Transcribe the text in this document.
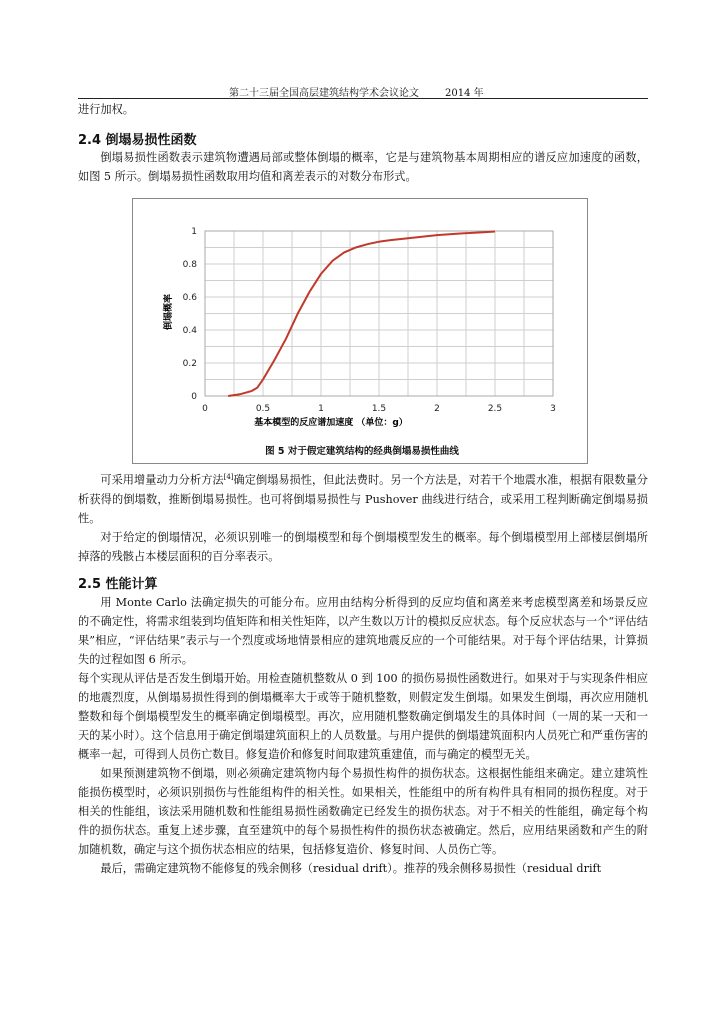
第二十三届全国高层建筑结构学术会议论文	2014 年
进行加权。
2.4 倒塌易损性函数

倒塌易损性函数表示建筑物遭遇局部或整体倒塌的概率，它是与建筑物基本周期相应的谱反应加速度的函数，如图 5 所示。倒塌易损性函数取用均值和离差表示的对数分布形式。

0	0.5	1	1.5	2	2.5	3
0
0.2
0.4
0.6
0.8
1
基本模型的反应谱加速度 （单位：g）
倒塌概率
图 5 对于假定建筑结构的经典倒塌易损性曲线

可采用增量动力分析方法[4]确定倒塌易损性，但此法费时。另一个方法是，对若干个地震水准，根据有限数量分析获得的倒塌数，推断倒塌易损性。也可将倒塌易损性与 Pushover 曲线进行结合，或采用工程判断确定倒塌易损性。

对于给定的倒塌情况，必须识别唯一的倒塌模型和每个倒塌模型发生的概率。每个倒塌模型用上部楼层倒塌所掉落的残骸占本楼层面积的百分率表示。

2.5 性能计算

用 Monte Carlo 法确定损失的可能分布。应用由结构分析得到的反应均值和离差来考虑模型离差和场景反应的不确定性，将需求组装到均值矩阵和相关性矩阵，以产生数以万计的模拟反应状态。每个反应状态与一个“评估结果”相应，“评估结果”表示与一个烈度或场地情景相应的建筑地震反应的一个可能结果。对于每个评估结果，计算损失的过程如图 6 所示。

每个实现从评估是否发生倒塌开始。用检查随机整数从 0 到 100 的损伤易损性函数进行。如果对于与实现条件相应的地震烈度，从倒塌易损性得到的倒塌概率大于或等于随机整数，则假定发生倒塌。如果发生倒塌，再次应用随机整数和每个倒塌模型发生的概率确定倒塌模型。再次，应用随机整数确定倒塌发生的具体时间（一周的某一天和一天的某小时）。这个信息用于确定倒塌建筑面积上的人员数量。与用户提供的倒塌建筑面积内人员死亡和严重伤害的概率一起，可得到人员伤亡数目。修复造价和修复时间取建筑重建值，而与确定的模型无关。

如果预测建筑物不倒塌，则必须确定建筑物内每个易损性构件的损伤状态。这根据性能组来确定。建立建筑性能损伤模型时，必须识别损伤与性能组构件的相关性。如果相关，性能组中的所有构件具有相同的损伤程度。对于相关的性能组，该法采用随机数和性能组易损性函数确定已经发生的损伤状态。对于不相关的性能组，确定每个构件的损伤状态。重复上述步骤，直至建筑中的每个易损性构件的损伤状态被确定。然后，应用结果函数和产生的附加随机数，确定与这个损伤状态相应的结果，包括修复造价、修复时间、人员伤亡等。

最后，需确定建筑物不能修复的残余侧移（residual drift）。推荐的残余侧移易损性（residual drift
